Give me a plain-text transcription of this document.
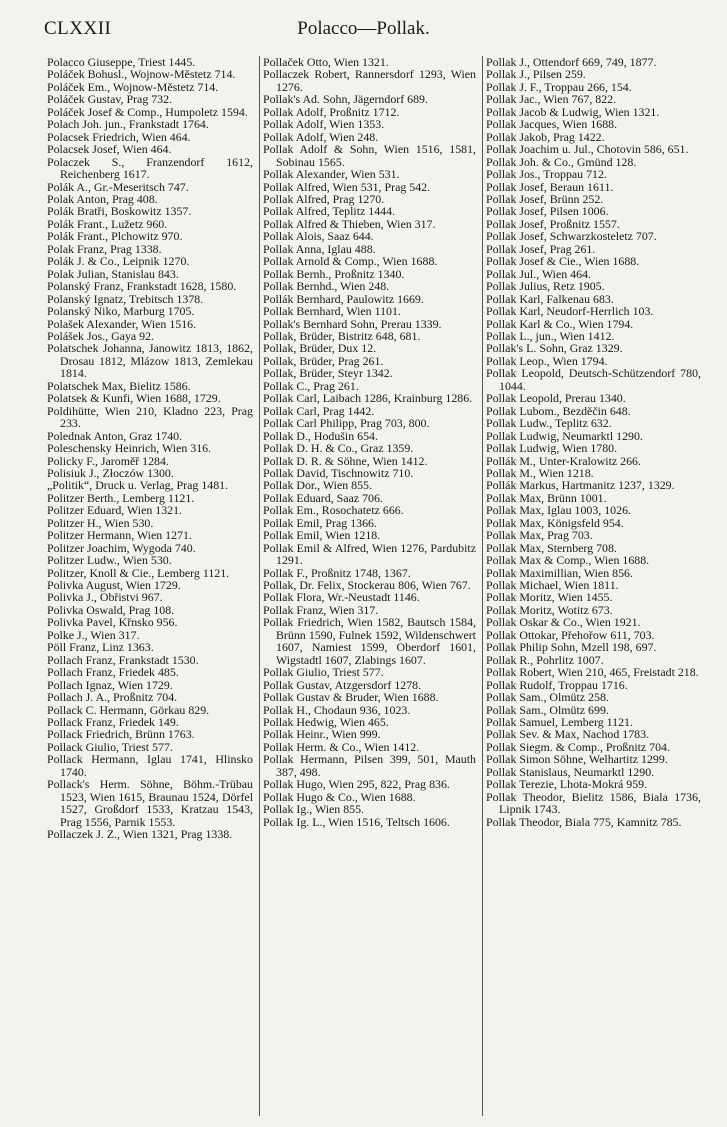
CLXXII	Polacco—Pollak.
Polacco Giuseppe, Triest 1445.
Poláček Bohusl., Wojnow-Městetz 714.
Poláček Em., Wojnow-Městetz 714.
Poláček Gustav, Prag 732.
Poláček Josef & Comp., Humpoletz 1594.
Polach Joh. jun., Frankstadt 1764.
Polacsek Friedrich, Wien 464.
Polacsek Josef, Wien 464.
Polaczek S., Franzendorf 1612, Reichenberg 1617.
Polák A., Gr.-Meseritsch 747.
Polak Anton, Prag 408.
Polák Bratři, Boskowitz 1357.
Polák Frant., Lužetz 960.
Polák Frant., Plchowitz 970.
Polak Franz, Prag 1338.
Polák J. & Co., Leipnik 1270.
Polak Julian, Stanislau 843.
Polanský Franz, Frankstadt 1628, 1580.
Polanský Ignatz, Trebitsch 1378.
Polanský Niko, Marburg 1705.
Polašek Alexander, Wien 1516.
Polášek Jos., Gaya 92.
Polatschek Johanna, Janowitz 1813, 1862, Drosau 1812, Mlázow 1813, Zemlekau 1814.
Polatschek Max, Bielitz 1586.
Polatsek & Kunfi, Wien 1688, 1729.
Poldihütte, Wien 210, Kladno 223, Prag 233.
Polednak Anton, Graz 1740.
Poleschensky Heinrich, Wien 316.
Policky F., Jaroměř 1284.
Polisiuk J., Złoczów 1300.
„Politik“, Druck u. Verlag, Prag 1481.
Politzer Berth., Lemberg 1121.
Politzer Eduard, Wien 1321.
Politzer H., Wien 530.
Politzer Hermann, Wien 1271.
Politzer Joachim, Wygoda 740.
Politzer Ludw., Wien 530.
Politzer, Knoll & Cie., Lemberg 1121.
Polivka August, Wien 1729.
Polivka J., Obřistvi 967.
Polivka Oswald, Prag 108.
Polivka Pavel, Křnsko 956.
Polke J., Wien 317.
Pöll Franz, Linz 1363.
Pollach Franz, Frankstadt 1530.
Pollach Franz, Friedek 485.
Pollach Ignaz, Wien 1729.
Pollach J. A., Proßnitz 704.
Pollack C. Hermann, Görkau 829.
Pollack Franz, Friedek 149.
Pollack Friedrich, Brünn 1763.
Pollack Giulio, Triest 577.
Pollack Hermann, Iglau 1741, Hlinsko 1740.
Pollack's Herm. Söhne, Böhm.-Trübau 1523, Wien 1615, Braunau 1524, Dörfel 1527, Großdorf 1533, Kratzau 1543, Prag 1556, Parnik 1553.
Pollaczek J. Z., Wien 1321, Prag 1338.
Pollaček Otto, Wien 1321.
Pollaczek Robert, Rannersdorf 1293, Wien 1276.
Pollak's Ad. Sohn, Jägerndorf 689.
Pollak Adolf, Proßnitz 1712.
Pollak Adolf, Wien 1353.
Pollak Adolf, Wien 248.
Pollak Adolf & Sohn, Wien 1516, 1581, Sobinau 1565.
Pollak Alexander, Wien 531.
Pollak Alfred, Wien 531, Prag 542.
Pollak Alfred, Prag 1270.
Pollak Alfred, Teplitz 1444.
Pollak Alfred & Thieben, Wien 317.
Pollak Alois, Saaz 644.
Pollak Anna, Iglau 488.
Pollak Arnold & Comp., Wien 1688.
Pollak Bernh., Proßnitz 1340.
Pollak Bernhd., Wien 248.
Pollák Bernhard, Paulowitz 1669.
Pollak Bernhard, Wien 1101.
Pollak's Bernhard Sohn, Prerau 1339.
Pollak, Brüder, Bistritz 648, 681.
Pollak, Brüder, Dux 12.
Pollak, Brüder, Prag 261.
Pollak, Brüder, Steyr 1342.
Pollak C., Prag 261.
Pollak Carl, Laibach 1286, Krainburg 1286.
Pollak Carl, Prag 1442.
Pollak Carl Philipp, Prag 703, 800.
Pollak D., Hodušin 654.
Pollak D. H. & Co., Graz 1359.
Pollak D. R. & Söhne, Wien 1412.
Pollak David, Tischnowitz 710.
Pollak Dor., Wien 855.
Pollak Eduard, Saaz 706.
Pollak Em., Rosochatetz 666.
Pollak Emil, Prag 1366.
Pollak Emil, Wien 1218.
Pollak Emil & Alfred, Wien 1276, Pardubitz 1291.
Pollak F., Proßnitz 1748, 1367.
Pollak, Dr. Felix, Stockerau 806, Wien 767.
Pollak Flora, Wr.-Neustadt 1146.
Pollak Franz, Wien 317.
Pollak Friedrich, Wien 1582, Bautsch 1584, Brünn 1590, Fulnek 1592, Wildenschwert 1607, Namiest 1599, Oberdorf 1601, Wigstadtl 1607, Zlabings 1607.
Pollak Giulio, Triest 577.
Pollak Gustav, Atzgersdorf 1278.
Pollak Gustav & Bruder, Wien 1688.
Pollak H., Chodaun 936, 1023.
Pollak Hedwig, Wien 465.
Pollak Heinr., Wien 999.
Pollak Herm. & Co., Wien 1412.
Pollak Hermann, Pilsen 399, 501, Mauth 387, 498.
Pollak Hugo, Wien 295, 822, Prag 836.
Pollak Hugo & Co., Wien 1688.
Pollak Ig., Wien 855.
Pollak Ig. L., Wien 1516, Teltsch 1606.
Pollak J., Ottendorf 669, 749, 1877.
Pollak J., Pilsen 259.
Pollak J. F., Troppau 266, 154.
Pollak Jac., Wien 767, 822.
Pollak Jacob & Ludwig, Wien 1321.
Pollak Jacques, Wien 1688.
Pollak Jakob, Prag 1422.
Pollak Joachim u. Jul., Chotovin 586, 651.
Pollak Joh. & Co., Gmünd 128.
Pollak Jos., Troppau 712.
Pollak Josef, Beraun 1611.
Pollak Josef, Brünn 252.
Pollak Josef, Pilsen 1006.
Pollak Josef, Proßnitz 1557.
Pollak Josef, Schwarzkosteletz 707.
Pollak Josef, Prag 261.
Pollak Josef & Cie., Wien 1688.
Pollak Jul., Wien 464.
Pollak Julius, Retz 1905.
Pollak Karl, Falkenau 683.
Pollak Karl, Neudorf-Herrlich 103.
Pollak Karl & Co., Wien 1794.
Pollak L., jun., Wien 1412.
Pollak's L. Sohn, Graz 1329.
Pollak Leop., Wien 1794.
Pollak Leopold, Deutsch-Schützendorf 780, 1044.
Pollak Leopold, Prerau 1340.
Pollak Lubom., Bezděčin 648.
Pollak Ludw., Teplitz 632.
Pollak Ludwig, Neumarktl 1290.
Pollak Ludwig, Wien 1780.
Pollák M., Unter-Kralowitz 266.
Pollak M., Wien 1218.
Pollák Markus, Hartmanitz 1237, 1329.
Pollak Max, Brünn 1001.
Pollak Max, Iglau 1003, 1026.
Pollak Max, Königsfeld 954.
Pollak Max, Prag 703.
Pollak Max, Sternberg 708.
Pollak Max & Comp., Wien 1688.
Pollak Maximillian, Wien 856.
Pollak Michael, Wien 1811.
Pollak Moritz, Wien 1455.
Pollak Moritz, Wotitz 673.
Pollak Oskar & Co., Wien 1921.
Pollak Ottokar, Přehořow 611, 703.
Pollak Philip Sohn, Mzell 198, 697.
Pollak R., Pohrlitz 1007.
Pollak Robert, Wien 210, 465, Freistadt 218.
Pollak Rudolf, Troppau 1716.
Pollak Sam., Olmütz 258.
Pollak Sam., Olmütz 699.
Pollak Samuel, Lemberg 1121.
Pollak Sev. & Max, Nachod 1783.
Pollak Siegm. & Comp., Proßnitz 704.
Pollak Simon Söhne, Welhartitz 1299.
Pollak Stanislaus, Neumarktl 1290.
Pollak Terezie, Lhota-Mokrá 959.
Pollak Theodor, Bielitz 1586, Biala 1736, Lipnik 1743.
Pollak Theodor, Biala 775, Kamnitz 785.
